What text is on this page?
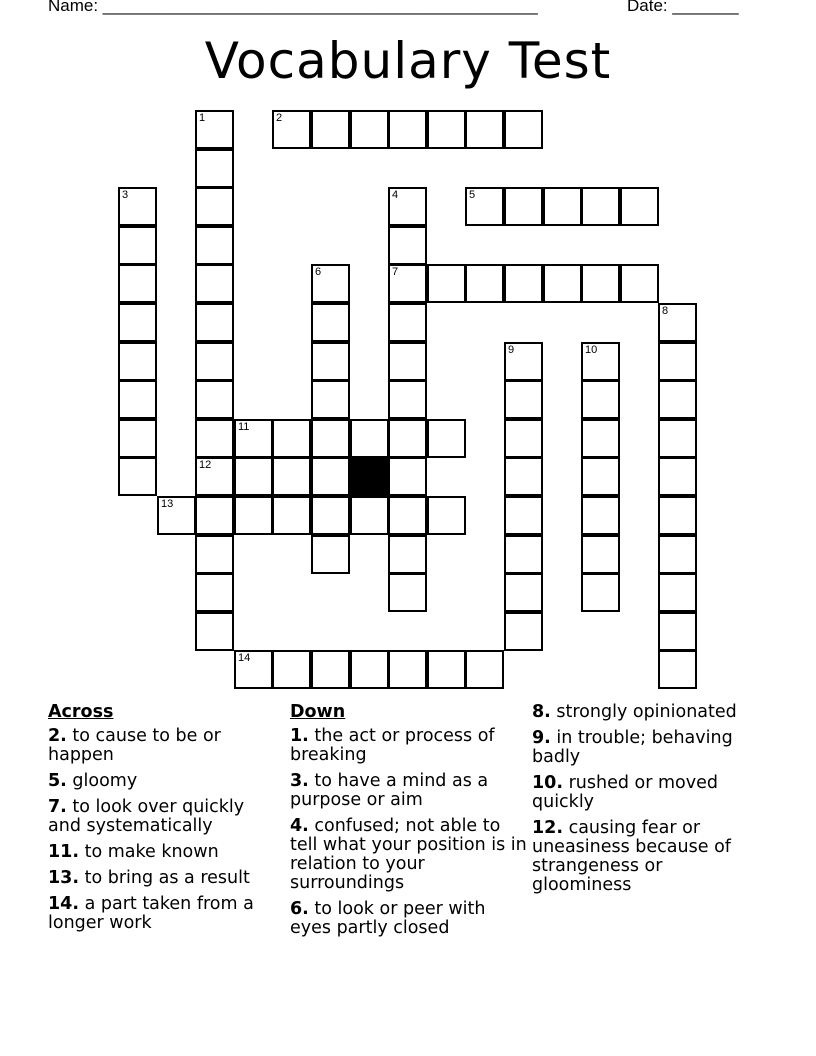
Name: ______________________________________________	Date: _______
Vocabulary Test
2
5
7
11
12
13
14
1
3	4
6
8
9	10
Across
2. to cause to be or happen
5. gloomy
7. to look over quickly and systematically
11. to make known
13. to bring as a result
14. a part taken from a longer work
Down
1. the act or process of breaking
3. to have a mind as a purpose or aim
4. confused; not able to tell what your position is in relation to your surroundings
6. to look or peer with eyes partly closed
8. strongly opinionated
9. in trouble; behaving badly
10. rushed or moved quickly
12. causing fear or uneasiness because of strangeness or gloominess
